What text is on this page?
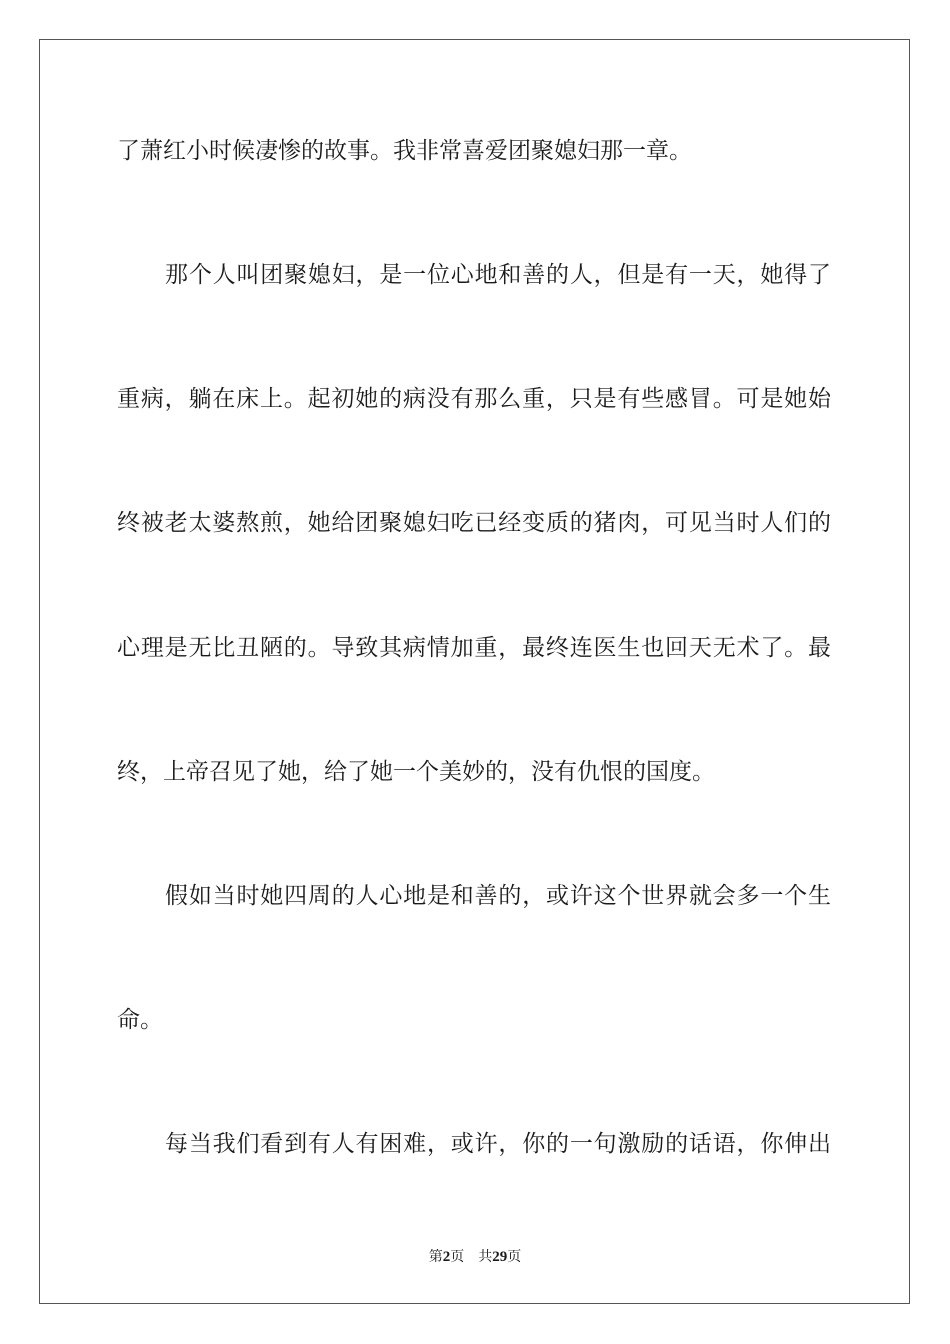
了萧红小时候凄惨的故事。我非常喜爱团聚媳妇那一章。

那个人叫团聚媳妇，是一位心地和善的人，但是有一天，她得了

重病，躺在床上。起初她的病没有那么重，只是有些感冒。可是她始

终被老太婆熬煎，她给团聚媳妇吃已经变质的猪肉，可见当时人们的

心理是无比丑陋的。导致其病情加重，最终连医生也回天无术了。最

终，上帝召见了她，给了她一个美妙的，没有仇恨的国度。

假如当时她四周的人心地是和善的，或许这个世界就会多一个生

命。

每当我们看到有人有困难，或许，你的一句激励的话语，你伸出

第2页 共29页
